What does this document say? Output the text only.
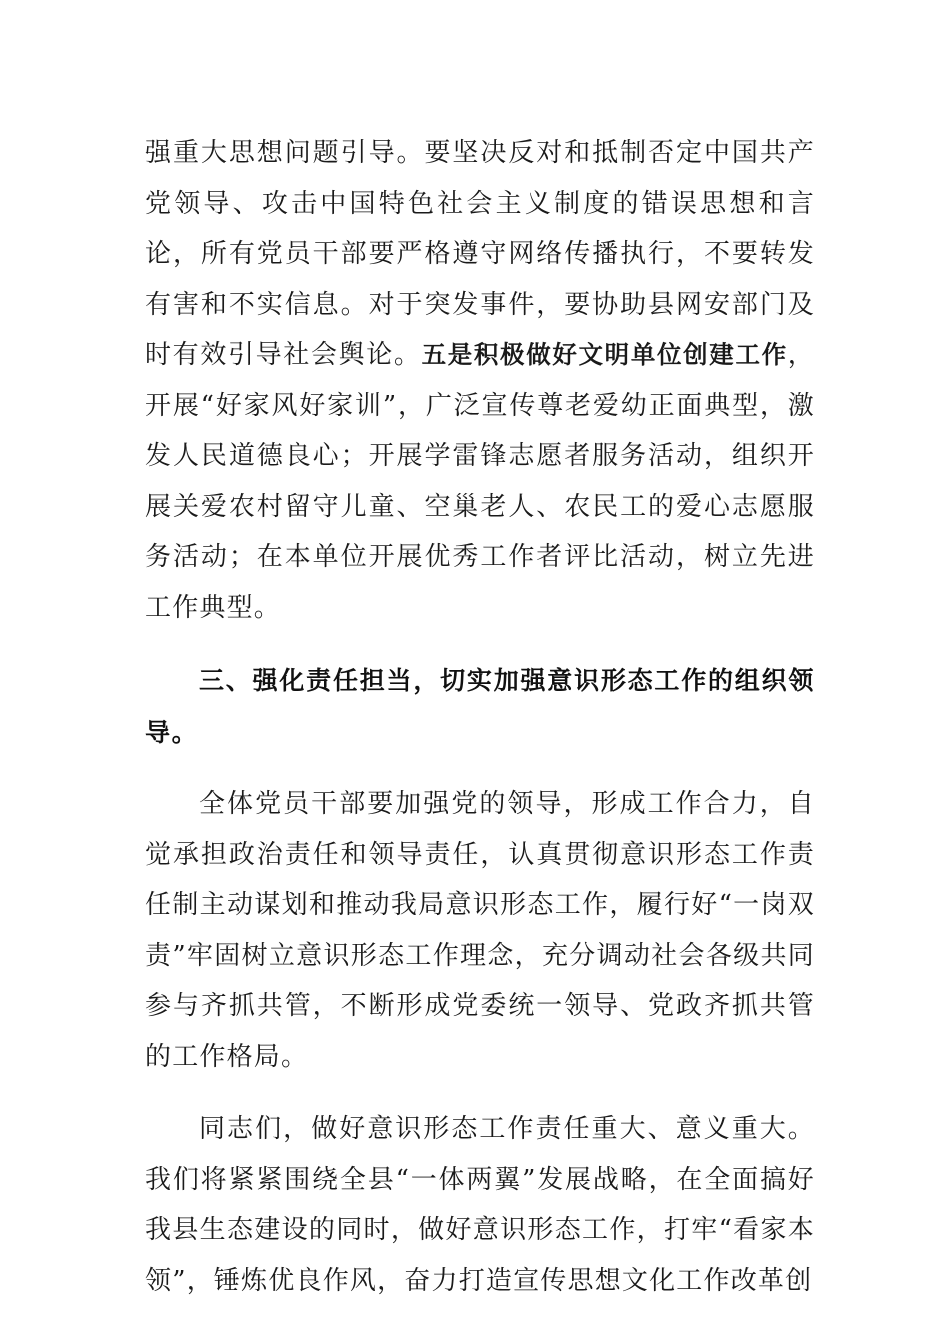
强重大思想问题引导。要坚决反对和抵制否定中国共产党领导、攻击中国特色社会主义制度的错误思想和言论，所有党员干部要严格遵守网络传播执行，不要转发有害和不实信息。对于突发事件，要协助县网安部门及时有效引导社会舆论。五是积极做好文明单位创建工作，开展“好家风好家训”，广泛宣传尊老爱幼正面典型，激发人民道德良心；开展学雷锋志愿者服务活动，组织开展关爱农村留守儿童、空巢老人、农民工的爱心志愿服务活动；在本单位开展优秀工作者评比活动，树立先进工作典型。

三、强化责任担当，切实加强意识形态工作的组织领导。

全体党员干部要加强党的领导，形成工作合力，自觉承担政治责任和领导责任，认真贯彻意识形态工作责任制主动谋划和推动我局意识形态工作，履行好“一岗双责”牢固树立意识形态工作理念，充分调动社会各级共同参与齐抓共管，不断形成党委统一领导、党政齐抓共管的工作格局。

同志们，做好意识形态工作责任重大、意义重大。我们将紧紧围绕全县“一体两翼”发展战略，在全面搞好我县生态建设的同时，做好意识形态工作，打牢“看家本领”，锤炼优良作风，奋力打造宣传思想文化工作改革创
